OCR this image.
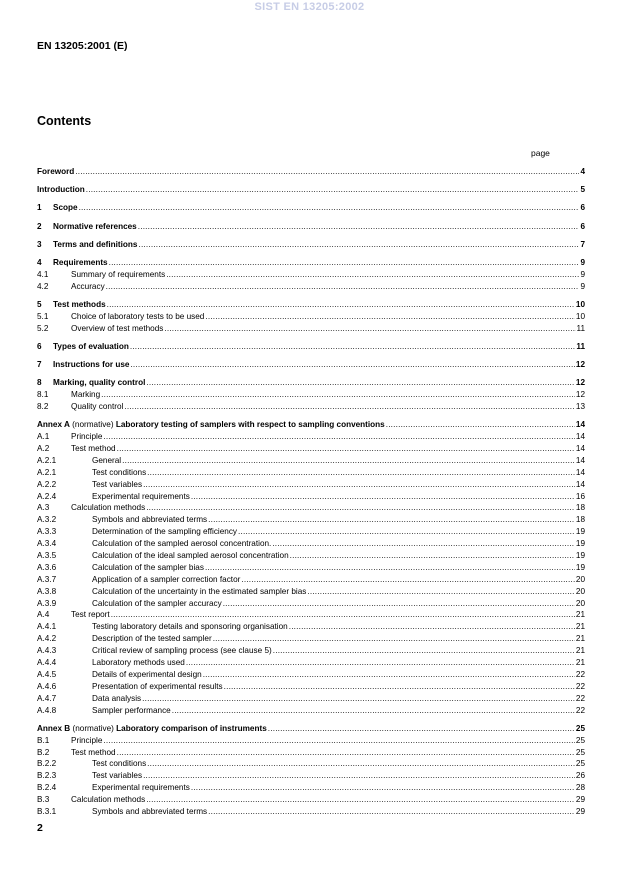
SIST EN 13205:2002
EN 13205:2001 (E)
Contents
page
Foreword .....	4
Introduction .....	5
1	Scope .....	6
2	Normative references .....	6
3	Terms and definitions .....	7
4	Requirements .....	9
4.1	Summary of requirements .....	9
4.2	Accuracy .....	9
5	Test methods .....	10
5.1	Choice of laboratory tests to be used .....	10
5.2	Overview of test methods .....	11
6	Types of evaluation .....	11
7	Instructions for use .....	12
8	Marking, quality control .....	12
8.1	Marking .....	12
8.2	Quality control .....	13
Annex A (normative) Laboratory testing of samplers with respect to sampling conventions .....	14
A.1	Principle .....	14
A.2	Test method .....	14
A.2.1	General .....	14
A.2.1	Test conditions .....	14
A.2.2	Test variables .....	14
A.2.4	Experimental requirements .....	16
A.3	Calculation methods .....	18
A.3.2	Symbols and abbreviated terms .....	18
A.3.3	Determination of the sampling efficiency .....	19
A.3.4	Calculation of the sampled aerosol concentration. .....	19
A.3.5	Calculation of the ideal sampled aerosol concentration .....	19
A.3.6	Calculation of the sampler bias .....	19
A.3.7	Application of a sampler correction factor .....	20
A.3.8	Calculation of the uncertainty in the estimated sampler bias .....	20
A.3.9	Calculation of the sampler accuracy .....	20
A.4	Test report .....	21
A.4.1	Testing laboratory details and sponsoring organisation .....	21
A.4.2	Description of the tested sampler .....	21
A.4.3	Critical review of sampling process (see clause 5) .....	21
A.4.4	Laboratory methods used .....	21
A.4.5	Details of experimental design .....	22
A.4.6	Presentation of experimental results .....	22
A.4.7	Data analysis .....	22
A.4.8	Sampler performance .....	22
Annex B (normative) Laboratory comparison of instruments .....	25
B.1	Principle .....	25
B.2	Test method .....	25
B.2.2	Test conditions .....	25
B.2.3	Test variables .....	26
B.2.4	Experimental requirements .....	28
B.3	Calculation methods .....	29
B.3.1	Symbols and abbreviated terms .....	29
2
